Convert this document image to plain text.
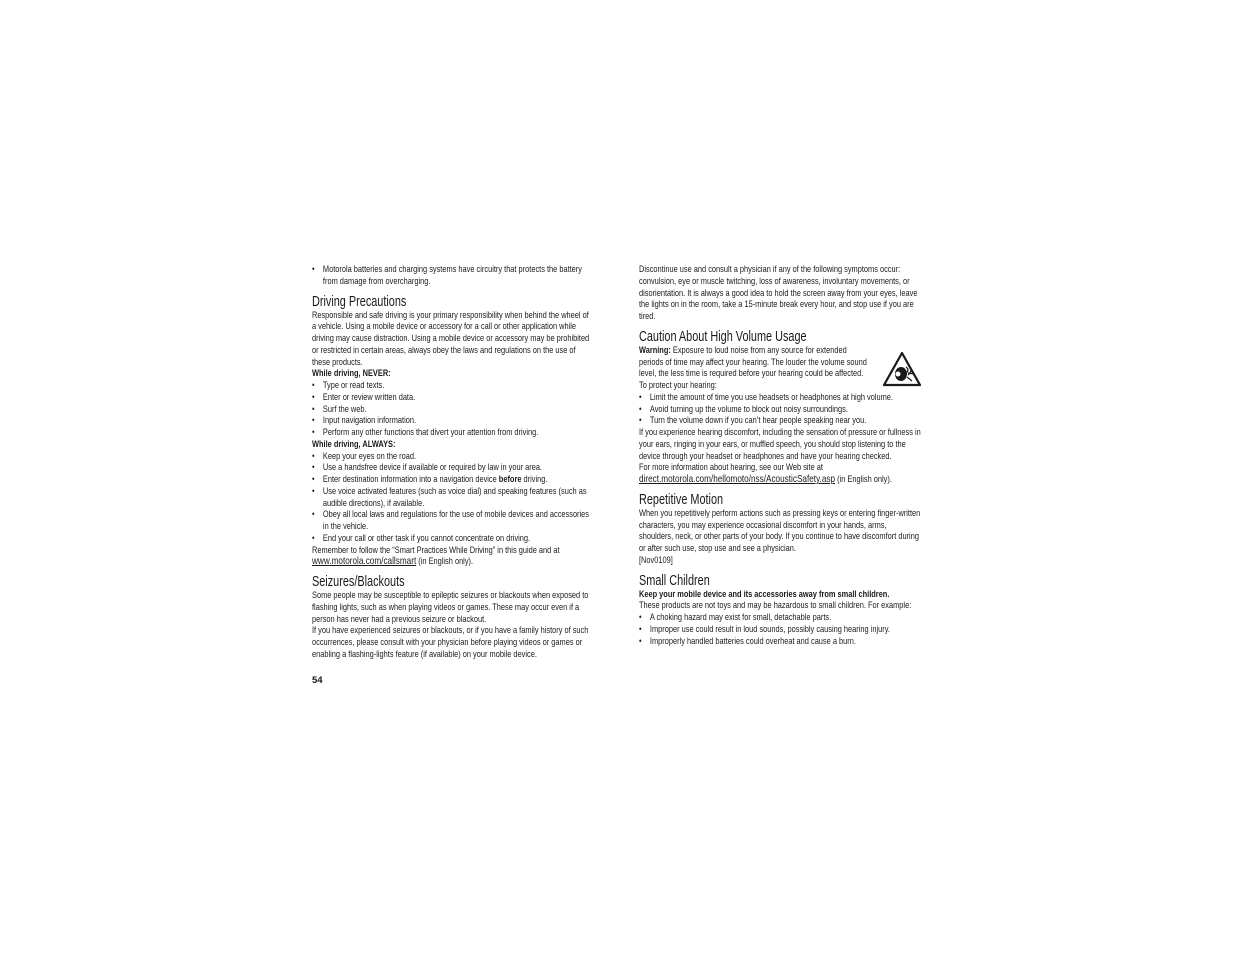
• Motorola batteries and charging systems have circuitry that protects the battery from damage from overcharging.

Driving Precautions

Responsible and safe driving is your primary responsibility when behind the wheel of a vehicle. Using a mobile device or accessory for a call or other application while driving may cause distraction. Using a mobile device or accessory may be prohibited or restricted in certain areas, always obey the laws and regulations on the use of these products.

While driving, NEVER:

• Type or read texts.

• Enter or review written data.

• Surf the web.

• Input navigation information.

• Perform any other functions that divert your attention from driving.

While driving, ALWAYS:

• Keep your eyes on the road.

• Use a handsfree device if available or required by law in your area.

• Enter destination information into a navigation device before driving.

• Use voice activated features (such as voice dial) and speaking features (such as audible directions), if available.

• Obey all local laws and regulations for the use of mobile devices and accessories in the vehicle.

• End your call or other task if you cannot concentrate on driving.

Remember to follow the “Smart Practices While Driving” in this guide and at
www.motorola.com/callsmart (in English only).

Seizures/Blackouts

Some people may be susceptible to epileptic seizures or blackouts when exposed to flashing lights, such as when playing videos or games. These may occur even if a person has never had a previous seizure or blackout.

If you have experienced seizures or blackouts, or if you have a family history of such occurrences, please consult with your physician before playing videos or games or enabling a flashing-lights feature (if available) on your mobile device.

54

Discontinue use and consult a physician if any of the following symptoms occur: convulsion, eye or muscle twitching, loss of awareness, involuntary movements, or disorientation. It is always a good idea to hold the screen away from your eyes, leave the lights on in the room, take a 15-minute break every hour, and stop use if you are tired.

Caution About High Volume Usage

Warning: Exposure to loud noise from any source for extended periods of time may affect your hearing. The louder the volume sound level, the less time is required before your hearing could be affected. To protect your hearing:

• Limit the amount of time you use headsets or headphones at high volume.

• Avoid turning up the volume to block out noisy surroundings.

• Turn the volume down if you can’t hear people speaking near you.

If you experience hearing discomfort, including the sensation of pressure or fullness in your ears, ringing in your ears, or muffled speech, you should stop listening to the device through your headset or headphones and have your hearing checked.

For more information about hearing, see our Web site at
direct.motorola.com/hellomoto/nss/AcousticSafety.asp (in English only).

Repetitive Motion

When you repetitively perform actions such as pressing keys or entering finger-written characters, you may experience occasional discomfort in your hands, arms, shoulders, neck, or other parts of your body. If you continue to have discomfort during or after such use, stop use and see a physician.

[Nov0109]

Small Children

Keep your mobile device and its accessories away from small children.

These products are not toys and may be hazardous to small children. For example:

• A choking hazard may exist for small, detachable parts.

• Improper use could result in loud sounds, possibly causing hearing injury.

• Improperly handled batteries could overheat and cause a burn.
